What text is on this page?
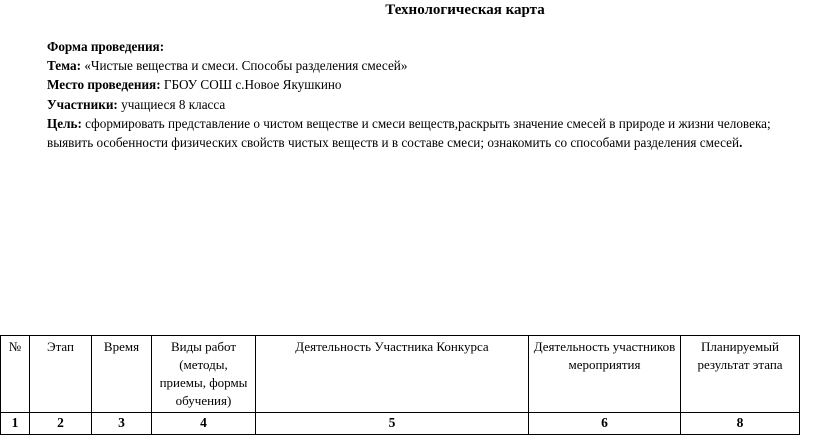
Технологическая карта
Форма проведения:
Тема: «Чистые вещества и смеси. Способы разделения смесей»
Место проведения: ГБОУ СОШ с.Новое Якушкино
Участники: учащиеся 8 класса
Цель: сформировать представление о чистом веществе и смеси веществ,раскрыть значение смесей в природе и жизни человека; выявить особенности физических свойств чистых веществ и в составе смеси; ознакомить со способами разделения смесей.
№	Этап	Время	Виды работ (методы, приемы, формы обучения)	Деятельность Участника Конкурса	Деятельность участников мероприятия	Планируемый результат этапа
1	2	3	4	5	6	8
